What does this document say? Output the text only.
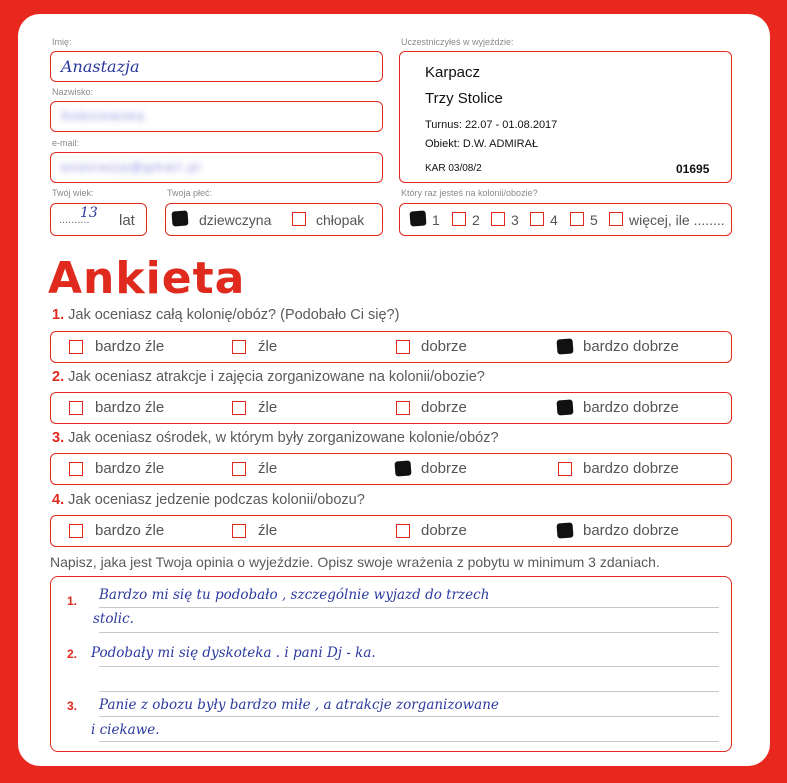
Imię:
Anastazja
Nazwisko:
Sobolewska
e-mail:
anastazja@gmail.pl
Twój wiek:
..........
13 lat
Twoja płeć:
dziewczyna	chłopak
Uczestniczyłeś w wyjeździe:
Karpacz
Trzy Stolice
Turnus: 22.07 - 01.08.2017
Obiekt: D.W. ADMIRAŁ
KAR 03/08/2	01695
Który raz jesteś na kolonii/obozie?
1 2 3 4 5 więcej, ile ........
Ankieta
1. Jak oceniasz całą kolonię/obóz? (Podobało Ci się?)
bardzo źle	źle	dobrze	bardzo dobrze
2. Jak oceniasz atrakcje i zajęcia zorganizowane na kolonii/obozie?
bardzo źle	źle	dobrze	bardzo dobrze
3. Jak oceniasz ośrodek, w którym były zorganizowane kolonie/obóz?
bardzo źle	źle	dobrze	bardzo dobrze
4. Jak oceniasz jedzenie podczas kolonii/obozu?
bardzo źle	źle	dobrze	bardzo dobrze
Napisz, jaka jest Twoja opinia o wyjeździe. Opisz swoje wrażenia z pobytu w minimum 3 zdaniach.
1.
2.
3.
Bardzo mi się tu podobało , szczególnie wyjazd do trzech
stolic.
Podobały mi się dyskoteka . i pani Dj - ka.
Panie z obozu były bardzo miłe , a atrakcje zorganizowane
i ciekawe.
